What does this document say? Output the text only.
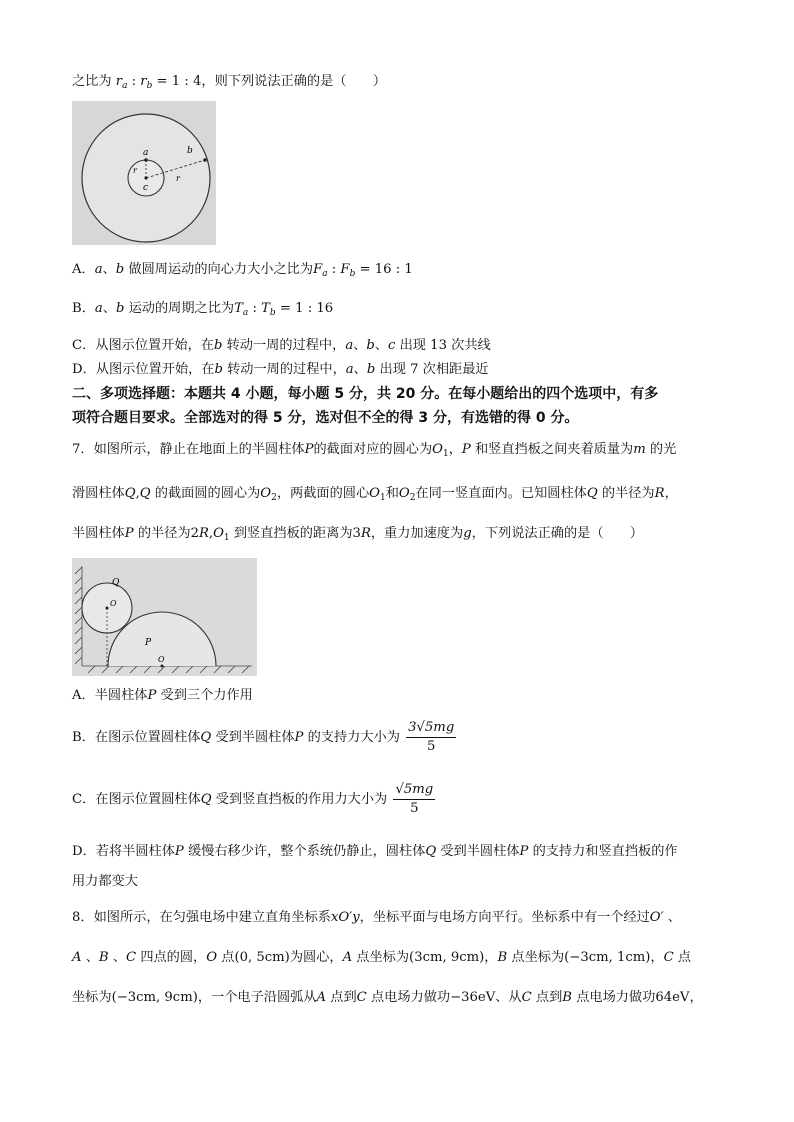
之比为 $r_a$ : $r_b = 1$ : 4，则下列说法正确的是（　　）
a	b
c
r
r
A．a、b 做圆周运动的向心力大小之比为$F_a$ : $F_b = 16$ : 1
B．a、b 运动的周期之比为$T_a$ : $T_b = 1$ : 16
C．从图示位置开始，在b 转动一周的过程中，a、b、c 出现 13 次共线
D．从图示位置开始，在b 转动一周的过程中，a、b 出现 7 次相距最近
二、多项选择题：本题共 4 小题，每小题 5 分，共 20 分。在每小题给出的四个选项中，有多
项符合题目要求。全部选对的得 5 分，选对但不全的得 3 分，有选错的得 0 分。
7．如图所示，静止在地面上的半圆柱体P的截面对应的圆心为$O_1$，P 和竖直挡板之间夹着质量为m 的光
滑圆柱体Q,Q 的截面圆的圆心为$O_2$，两截面的圆心$O_1$和$O_2$在同一竖直面内。已知圆柱体Q 的半径为R，
半圆柱体P 的半径为$2R,O_1$ 到竖直挡板的距离为3R，重力加速度为g，下列说法正确的是（　　）
Q
O
P
O
A．半圆柱体P 受到三个力作用
B．在图示位置圆柱体Q 受到半圆柱体P 的支持力大小为 $\frac{3√5mg}{5}$
C．在图示位置圆柱体Q 受到竖直挡板的作用力大小为 $\frac{√5mg}{5}$
D．若将半圆柱体P 缓慢右移少许，整个系统仍静止，圆柱体Q 受到半圆柱体P 的支持力和竖直挡板的作
用力都变大
8．如图所示，在匀强电场中建立直角坐标系xO′y，坐标平面与电场方向平行。坐标系中有一个经过O′ 、
A 、B 、C 四点的圆，O 点(0, 5cm)为圆心，A 点坐标为(3cm, 9cm)，B 点坐标为(−3cm, 1cm)，C 点
坐标为(−3cm, 9cm)，一个电子沿圆弧从A 点到C 点电场力做功−36eV、从C 点到B 点电场力做功64eV，
